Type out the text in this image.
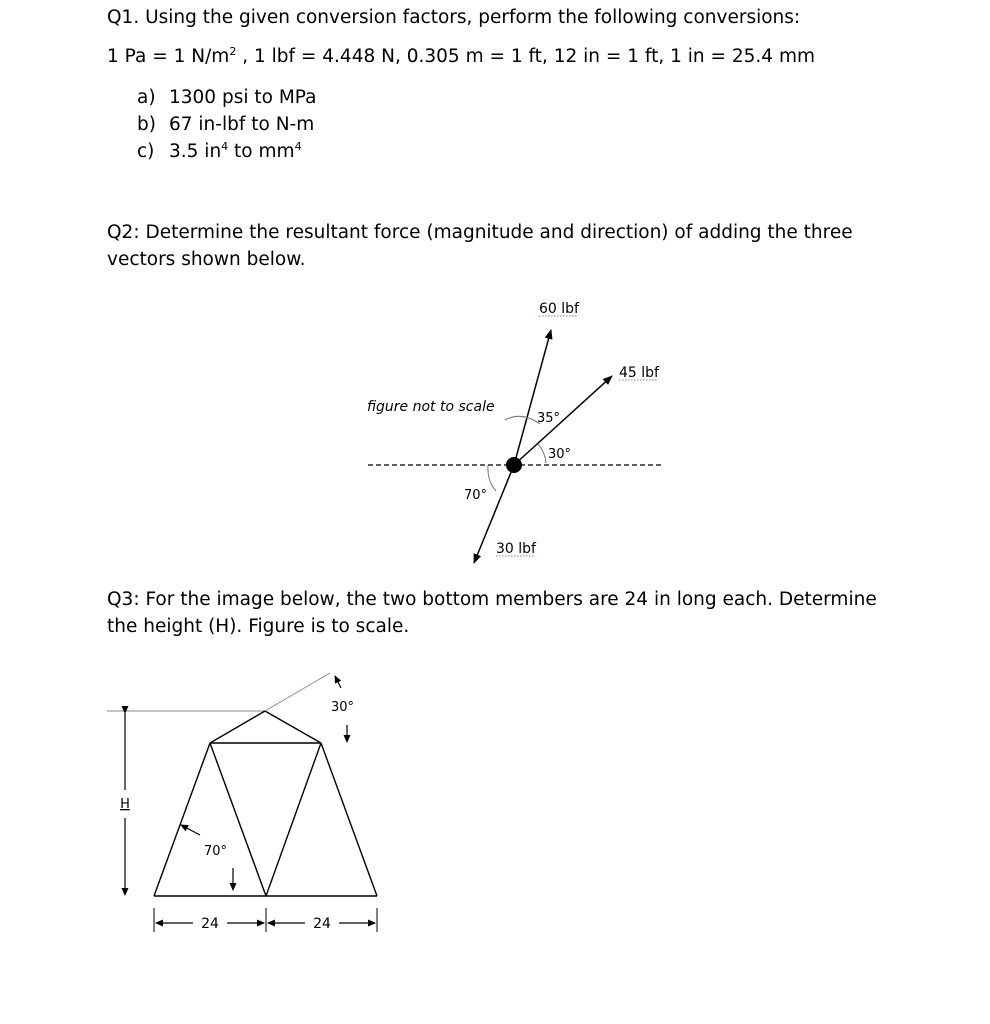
Q1. Using the given conversion factors, perform the following conversions:
1 Pa = 1 $N/m^2$ , 1 lbf = 4.448 N, 0.305 m = 1 ft, 12 in = 1 ft, 1 in = 25.4 mm
a) 1300 psi to MPa
b) 67 in-lbf to N-m
c) 3.5 $in^4$ to $mm^4$
Q2: Determine the resultant force (magnitude and direction) of adding the three
vectors shown below.
60 lbf
45 lbf
30 lbf
35°
30°
70°
figure not to scale
Q3: For the image below, the two bottom members are 24 in long each. Determine
the height (H). Figure is to scale.
H
30°
70°
24	24
